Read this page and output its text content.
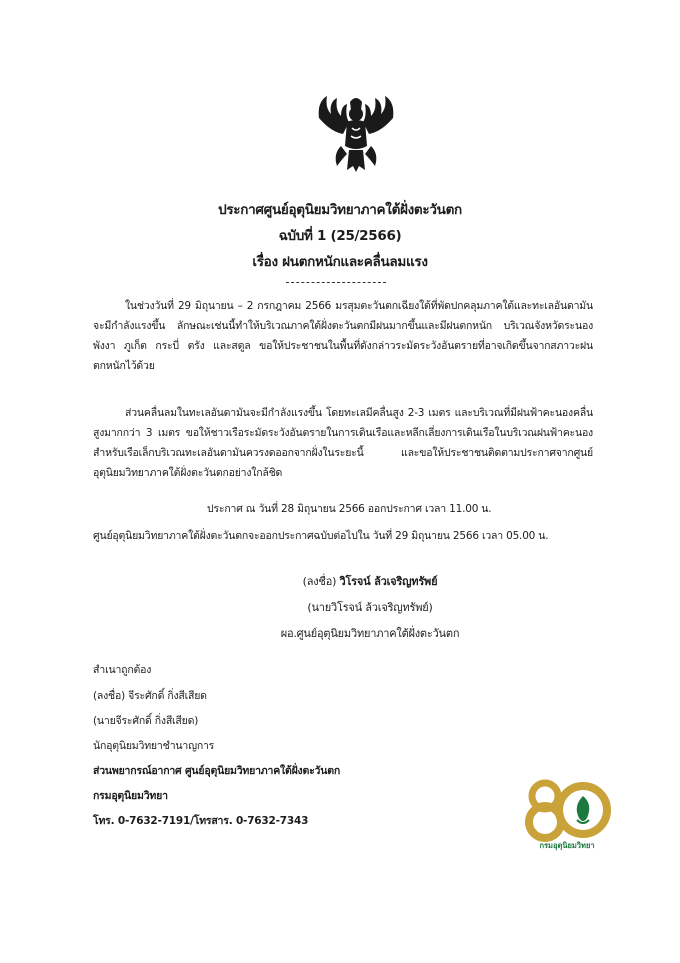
ประกาศศูนย์อุตุนิยมวิทยาภาคใต้ฝั่งตะวันตก
ฉบับที่ 1 (25/2566)
เรื่อง ฝนตกหนักและคลื่นลมแรง

ในช่วงวันที่ 29 มิถุนายน – 2 กรกฎาคม 2566 มรสุมตะวันตกเฉียงใต้ที่พัดปกคลุมภาคใต้และทะเลอันดามันจะมีกำลังแรงขึ้น ลักษณะเช่นนี้ทำให้บริเวณภาคใต้ฝั่งตะวันตกมีฝนมากขึ้นและมีฝนตกหนัก บริเวณจังหวัดระนอง พังงา ภูเก็ต กระบี่ ตรัง และสตูล ขอให้ประชาชนในพื้นที่ดังกล่าวระมัดระวังอันตรายที่อาจเกิดขึ้นจากสภาวะฝนตกหนักไว้ด้วย

ส่วนคลื่นลมในทะเลอันดามันจะมีกำลังแรงขึ้น โดยทะเลมีคลื่นสูง 2-3 เมตร และบริเวณที่มีฝนฟ้าคะนองคลื่นสูงมากกว่า 3 เมตร ขอให้ชาวเรือระมัดระวังอันตรายในการเดินเรือและหลีกเลี่ยงการเดินเรือในบริเวณฝนฟ้าคะนอง สำหรับเรือเล็กบริเวณทะเลอันดามันควรงดออกจากฝั่งในระยะนี้ และขอให้ประชาชนติดตามประกาศจากศูนย์อุตุนิยมวิทยาภาคใต้ฝั่งตะวันตกอย่างใกล้ชิด

ประกาศ ณ วันที่ 28 มิถุนายน 2566 ออกประกาศ เวลา 11.00 น.
ศูนย์อุตุนิยมวิทยาภาคใต้ฝั่งตะวันตกจะออกประกาศฉบับต่อไปใน วันที่ 29 มิถุนายน 2566 เวลา 05.00 น.
(ลงชื่อ) วิโรจน์ ล้วเจริญทรัพย์
(นายวิโรจน์ ล้วเจริญทรัพย์)
ผอ.ศูนย์อุตุนิยมวิทยาภาคใต้ฝั่งตะวันตก
สำเนาถูกต้อง
(ลงชื่อ) จีระศักดิ์ กิ่งสีเสียด
(นายจีระศักดิ์ กิ่งสีเสียด)
นักอุตุนิยมวิทยาชำนาญการ
ส่วนพยากรณ์อากาศ ศูนย์อุตุนิยมวิทยาภาคใต้ฝั่งตะวันตก
กรมอุตุนิยมวิทยา
โทร. 0-7632-7191/โทรสาร. 0-7632-7343
กรมอุตุนิยมวิทยา
